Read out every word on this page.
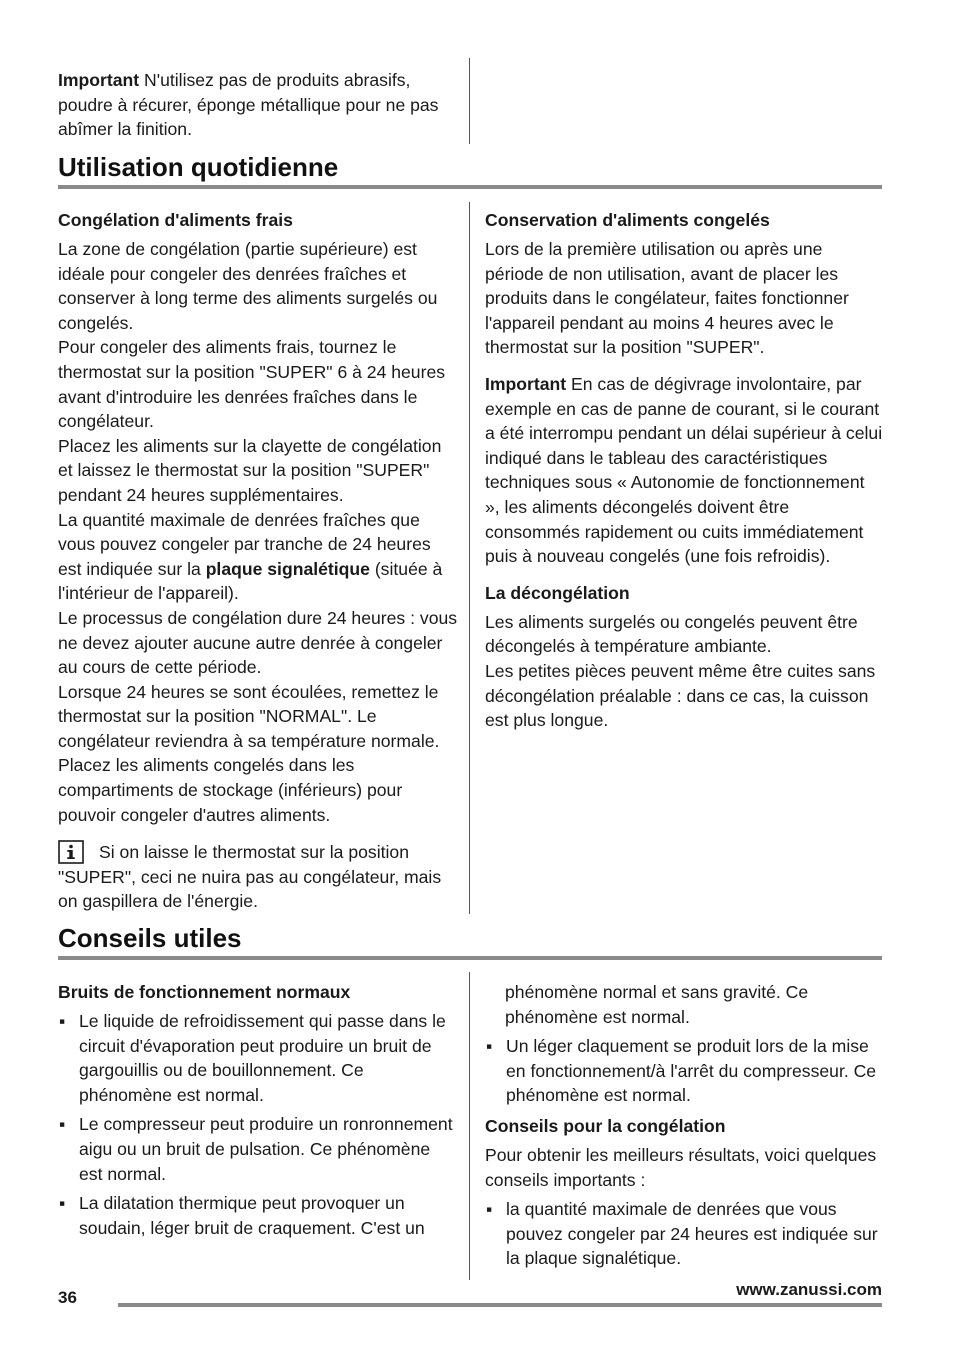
Important N'utilisez pas de produits abrasifs, poudre à récurer, éponge métallique pour ne pas abîmer la finition.
Utilisation quotidienne

Congélation d'aliments frais

La zone de congélation (partie supérieure) est idéale pour congeler des denrées fraîches et conserver à long terme des aliments surgelés ou congelés.

Pour congeler des aliments frais, tournez le thermostat sur la position "SUPER" 6 à 24 heures avant d'introduire les denrées fraîches dans le congélateur.

Placez les aliments sur la clayette de congélation et laissez le thermostat sur la position "SUPER" pendant 24 heures supplémentaires.

La quantité maximale de denrées fraîches que vous pouvez congeler par tranche de 24 heures est indiquée sur la plaque signalétique (située à l'intérieur de l'appareil).

Le processus de congélation dure 24 heures : vous ne devez ajouter aucune autre denrée à congeler au cours de cette période.

Lorsque 24 heures se sont écoulées, remettez le thermostat sur la position "NORMAL". Le congélateur reviendra à sa température normale. Placez les aliments congelés dans les compartiments de stockage (inférieurs) pour pouvoir congeler d'autres aliments.

Si on laisse le thermostat sur la position "SUPER", ceci ne nuira pas au congélateur, mais on gaspillera de l'énergie.

Conservation d'aliments congelés

Lors de la première utilisation ou après une période de non utilisation, avant de placer les produits dans le congélateur, faites fonctionner l'appareil pendant au moins 4 heures avec le thermostat sur la position "SUPER".

Important En cas de dégivrage involontaire, par exemple en cas de panne de courant, si le courant a été interrompu pendant un délai supérieur à celui indiqué dans le tableau des caractéristiques techniques sous « Autonomie de fonctionnement », les aliments décongelés doivent être consommés rapidement ou cuits immédiatement puis à nouveau congelés (une fois refroidis).

La décongélation

Les aliments surgelés ou congelés peuvent être décongelés à température ambiante.

Les petites pièces peuvent même être cuites sans décongélation préalable : dans ce cas, la cuisson est plus longue.

Conseils utiles

Bruits de fonctionnement normaux

▪ Le liquide de refroidissement qui passe dans le circuit d'évaporation peut produire un bruit de gargouillis ou de bouillonnement. Ce phénomène est normal.
▪ Le compresseur peut produire un ronronnement aigu ou un bruit de pulsation. Ce phénomène est normal.
▪ La dilatation thermique peut provoquer un soudain, léger bruit de craquement. C'est un

phénomène normal et sans gravité. Ce phénomène est normal.

▪ Un léger claquement se produit lors de la mise en fonctionnement/à l'arrêt du compresseur. Ce phénomène est normal.

Conseils pour la congélation

Pour obtenir les meilleurs résultats, voici quelques conseils importants :

▪ la quantité maximale de denrées que vous pouvez congeler par 24 heures est indiquée sur la plaque signalétique.
36	www.zanussi.com
